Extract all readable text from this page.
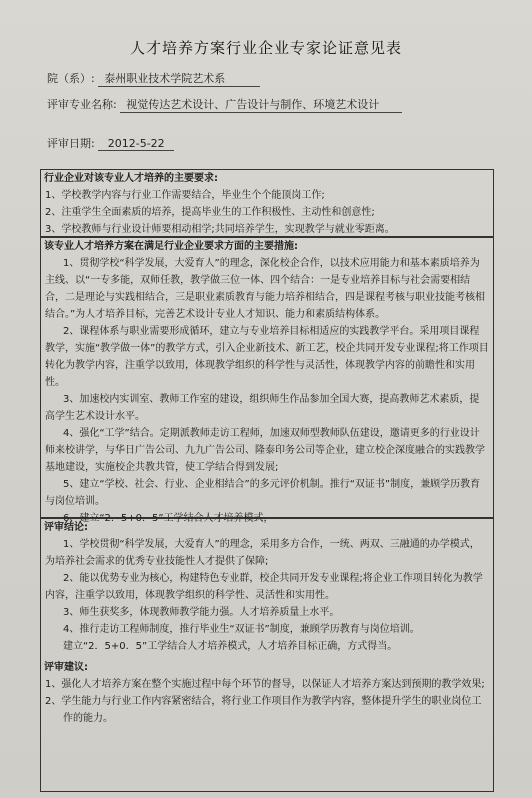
人才培养方案行业企业专家论证意见表
院（系）: 泰州职业技术学院艺术系
评审专业名称: 视觉传达艺术设计、广告设计与制作、环境艺术设计
评审日期: 2012-5-22
行业企业对该专业人才培养的主要要求:

1、学校教学内容与行业工作需要结合，毕业生个个能顶岗工作;

2、注重学生全面素质的培养，提高毕业生的工作积极性、主动性和创意性;

3、学校教师与行业设计师要相动相学;共同培养学生，实现教学与就业零距离。

该专业人才培养方案在满足行业企业要求方面的主要措施:

1、贯彻学校“科学发展，大爱育人”的理念，深化校企合作，以技术应用能力和基本素质培养为主线、以“一专多能，双师任教，教学做三位一体、四个结合：一是专业培养目标与社会需要相结合，二是理论与实践相结合，三是职业素质教育与能力培养相结合，四是课程考核与职业技能考核相结合。”为人才培养目标，完善艺术设计专业人才知识、能力和素质结构体系。

2、课程体系与职业需要形成循环，建立与专业培养目标相适应的实践教学平台。采用项目课程教学，实施“教学做一体”的教学方式，引入企业新技术、新工艺，校企共同开发专业课程;将工作项目转化为教学内容，注重学以致用，体现教学组织的科学性与灵活性，体现教学内容的前瞻性和实用性。

3、加速校内实训室、教师工作室的建设，组织师生作品参加全国大赛，提高教师艺术素质，提高学生艺术设计水平。

4、强化“工学”结合。定期派教师走访工程师，加速双师型教师队伍建设，邀请更多的行业设计师来校讲学，与华日广告公司、九九广告公司、隆泰印务公司等企业，建立校企深度融合的实践教学基地建设，实施校企共教共管，使工学结合得到发展;

5、建立“学校、社会、行业、企业相结合”的多元评价机制。推行“双证书”制度，兼顾学历教育与岗位培训。

6、建立“2．5+0．5”工学结合人才培养模式，

评审结论:

1、学校贯彻“科学发展，大爱育人”的理念，采用多方合作，一统、两双、三融通的办学模式，为培养社会需求的优秀专业技能性人才提供了保障;

2、能以优势专业为核心，构建特色专业群，校企共同开发专业课程;将企业工作项目转化为教学内容，注重学以致用，体现教学组织的科学性、灵活性和实用性。

3、师生获奖多，体现教师教学能力强。人才培养质量上水平。

4、推行走访工程师制度，推行毕业生“双证书”制度，兼顾学历教育与岗位培训。

建立“2．5+0．5”工学结合人才培养模式，人才培养目标正确，方式得当。

评审建议:

1、强化人才培养方案在整个实施过程中每个环节的督导，以保证人才培养方案达到预期的教学效果;

2、学生能力与行业工作内容紧密结合，将行业工作项目作为教学内容，整体提升学生的职业岗位工作的能力。
